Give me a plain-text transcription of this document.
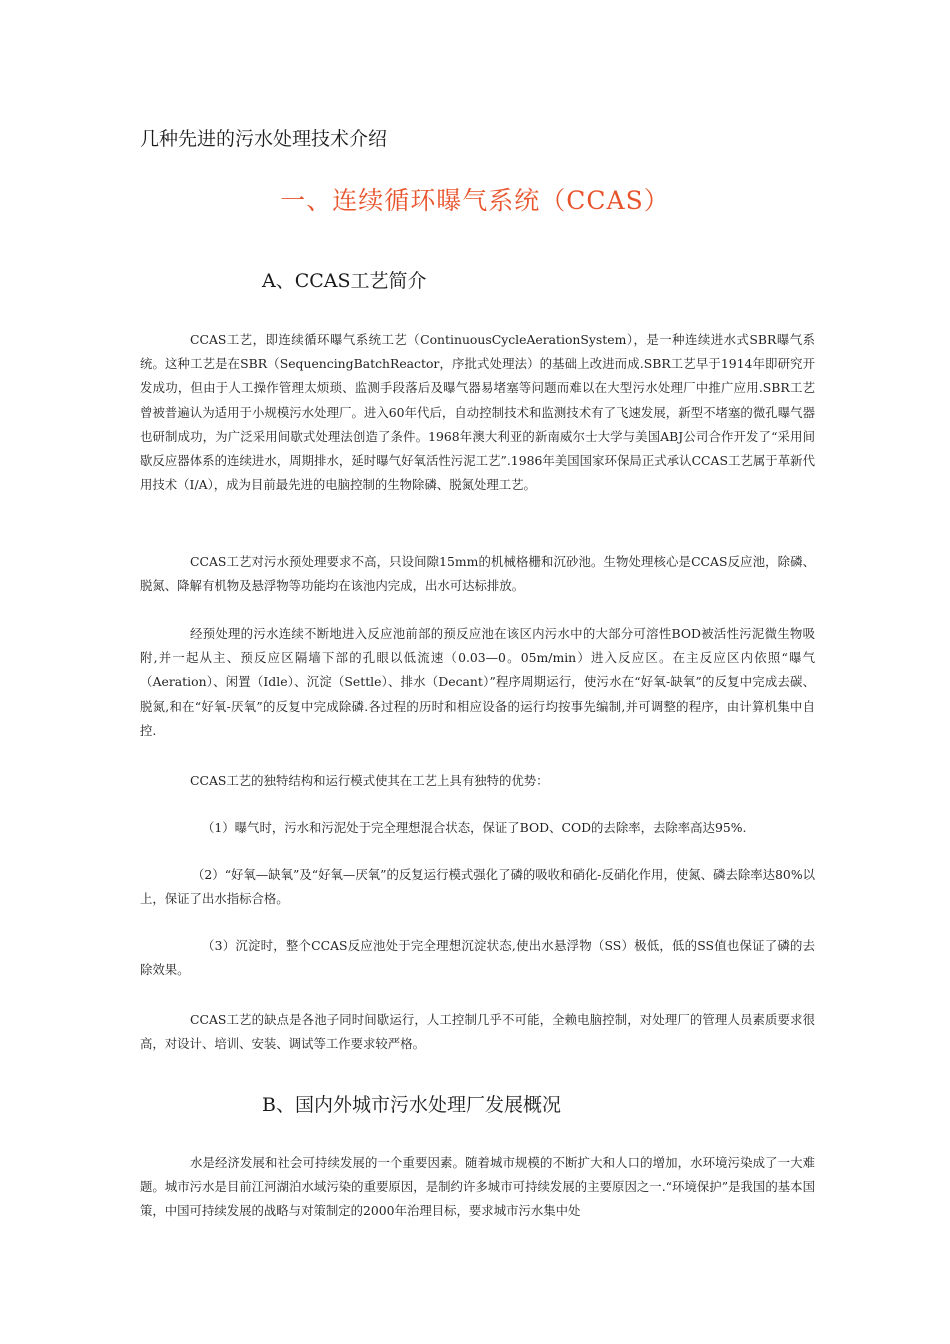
几种先进的污水处理技术介绍
一、连续循环曝气系统（CCAS）
A、CCAS工艺简介

CCAS工艺，即连续循环曝气系统工艺（ContinuousCycleAerationSystem），是一种连续进水式SBR曝气系统。这种工艺是在SBR（SequencingBatchReactor，序批式处理法）的基础上改进而成.SBR工艺早于1914年即研究开发成功，但由于人工操作管理太烦琐、监测手段落后及曝气器易堵塞等问题而难以在大型污水处理厂中推广应用.SBR工艺曾被普遍认为适用于小规模污水处理厂。进入60年代后，自动控制技术和监测技术有了飞速发展，新型不堵塞的微孔曝气器也研制成功，为广泛采用间歇式处理法创造了条件。1968年澳大利亚的新南威尔士大学与美国ABJ公司合作开发了“采用间歇反应器体系的连续进水，周期排水，延时曝气好氧活性污泥工艺”.1986年美国国家环保局正式承认CCAS工艺属于革新代用技术（I/A），成为目前最先进的电脑控制的生物除磷、脱氮处理工艺。

CCAS工艺对污水预处理要求不高，只设间隙15mm的机械格栅和沉砂池。生物处理核心是CCAS反应池，除磷、脱氮、降解有机物及悬浮物等功能均在该池内完成，出水可达标排放。

经预处理的污水连续不断地进入反应池前部的预反应池在该区内污水中的大部分可溶性BOD被活性污泥微生物吸附,并一起从主、预反应区隔墙下部的孔眼以低流速（0.03—0。05m/min）进入反应区。在主反应区内依照“曝气（Aeration）、闲置（Idle）、沉淀（Settle）、排水（Decant）”程序周期运行，使污水在“好氧-缺氧”的反复中完成去碳、脱氮,和在“好氧-厌氧”的反复中完成除磷.各过程的历时和相应设备的运行均按事先编制,并可调整的程序，由计算机集中自控.

CCAS工艺的独特结构和运行模式使其在工艺上具有独特的优势：

（1）曝气时，污水和污泥处于完全理想混合状态，保证了BOD、COD的去除率，去除率高达95%.

（2）“好氧—缺氧”及“好氧—厌氧”的反复运行模式强化了磷的吸收和硝化-反硝化作用，使氮、磷去除率达80%以上，保证了出水指标合格。

（3）沉淀时，整个CCAS反应池处于完全理想沉淀状态,使出水悬浮物（SS）极低，低的SS值也保证了磷的去除效果。

CCAS工艺的缺点是各池子同时间歇运行，人工控制几乎不可能，全赖电脑控制，对处理厂的管理人员素质要求很高，对设计、培训、安装、调试等工作要求较严格。

B、国内外城市污水处理厂发展概况

水是经济发展和社会可持续发展的一个重要因素。随着城市规模的不断扩大和人口的增加，水环境污染成了一大难题。城市污水是目前江河湖泊水域污染的重要原因，是制约许多城市可持续发展的主要原因之一.“环境保护”是我国的基本国策，中国可持续发展的战略与对策制定的2000年治理目标，要求城市污水集中处
